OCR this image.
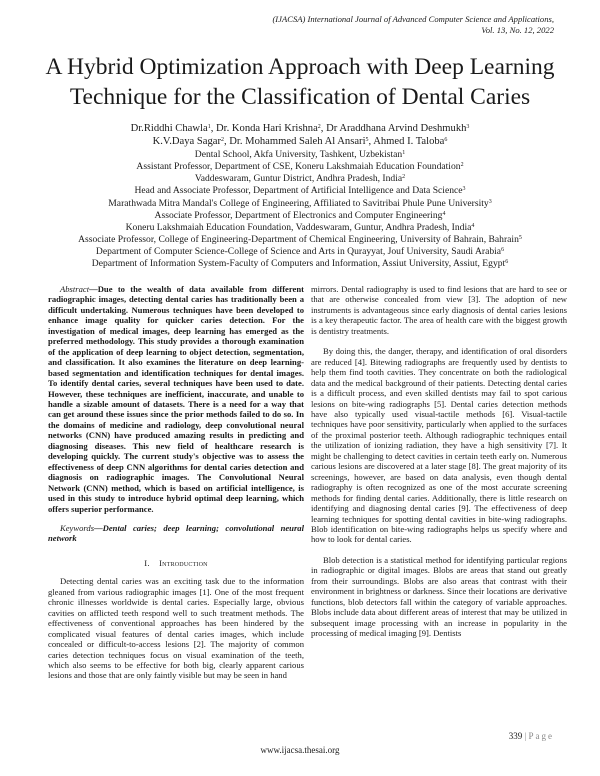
(IJACSA) International Journal of Advanced Computer Science and Applications,
Vol. 13, No. 12, 2022
A Hybrid Optimization Approach with Deep Learning
Technique for the Classification of Dental Caries
Dr.Riddhi Chawla$^1$, Dr. Konda Hari Krishna$^2$, Dr Araddhana Arvind Deshmukh$^3$
K.V.Daya Sagar$^2$, Dr. Mohammed Saleh Al Ansari$^5$, Ahmed I. Taloba$^6$
Dental School, Akfa University, Tashkent, Uzbekistan$^1$
Assistant Professor, Department of CSE, Koneru Lakshmaiah Education Foundation$^2$
Vaddeswaram, Guntur District, Andhra Pradesh, India$^2$
Head and Associate Professor, Department of Artificial Intelligence and Data Science$^3$
Marathwada Mitra Mandal's College of Engineering, Affiliated to Savitribai Phule Pune University$^3$
Associate Professor, Department of Electronics and Computer Engineering$^4$
Koneru Lakshmaiah Education Foundation, Vaddeswaram, Guntur, Andhra Pradesh, India$^4$
Associate Professor, College of Engineering-Department of Chemical Engineering, University of Bahrain, Bahrain$^5$
Department of Computer Science-College of Science and Arts in Qurayyat, Jouf University, Saudi Arabia$^6$
Department of Information System-Faculty of Computers and Information, Assiut University, Assiut, Egypt$^6$

Abstract—Due to the wealth of data available from different radiographic images, detecting dental caries has traditionally been a difficult undertaking. Numerous techniques have been developed to enhance image quality for quicker caries detection. For the investigation of medical images, deep learning has emerged as the preferred methodology. This study provides a thorough examination of the application of deep learning to object detection, segmentation, and classification. It also examines the literature on deep learning-based segmentation and identification techniques for dental images. To identify dental caries, several techniques have been used to date. However, these techniques are inefficient, inaccurate, and unable to handle a sizable amount of datasets. There is a need for a way that can get around these issues since the prior methods failed to do so. In the domains of medicine and radiology, deep convolutional neural networks (CNN) have produced amazing results in predicting and diagnosing diseases. This new field of healthcare research is developing quickly. The current study's objective was to assess the effectiveness of deep CNN algorithms for dental caries detection and diagnosis on radiographic images. The Convolutional Neural Network (CNN) method, which is based on artificial intelligence, is used in this study to introduce hybrid optimal deep learning, which offers superior performance.

Keywords—Dental caries; deep learning; convolutional neural network

I. Introduction

Detecting dental caries was an exciting task due to the information gleaned from various radiographic images [1]. One of the most frequent chronic illnesses worldwide is dental caries. Especially large, obvious cavities on afflicted teeth respond well to such treatment methods. The effectiveness of conventional approaches has been hindered by the complicated visual features of dental caries images, which include concealed or difficult-to-access lesions [2]. The majority of common caries detection techniques focus on visual examination of the teeth, which also seems to be effective for both big, clearly apparent carious lesions and those that are only faintly visible but may be seen in hand

mirrors. Dental radiography is used to find lesions that are hard to see or that are otherwise concealed from view [3]. The adoption of new instruments is advantageous since early diagnosis of dental caries lesions is a key therapeutic factor. The area of health care with the biggest growth is dentistry treatments.

By doing this, the danger, therapy, and identification of oral disorders are reduced [4]. Bitewing radiographs are frequently used by dentists to help them find tooth cavities. They concentrate on both the radiological data and the medical background of their patients. Detecting dental caries is a difficult process, and even skilled dentists may fail to spot carious lesions on bite-wing radiographs [5]. Dental caries detection methods have also typically used visual-tactile methods [6]. Visual-tactile techniques have poor sensitivity, particularly when applied to the surfaces of the proximal posterior teeth. Although radiographic techniques entail the utilization of ionizing radiation, they have a high sensitivity [7]. It might be challenging to detect cavities in certain teeth early on. Numerous carious lesions are discovered at a later stage [8]. The great majority of its screenings, however, are based on data analysis, even though dental radiography is often recognized as one of the most accurate screening methods for finding dental caries. Additionally, there is little research on identifying and diagnosing dental caries [9]. The effectiveness of deep learning techniques for spotting dental cavities in bite-wing radiographs. Blob identification on bite-wing radiographs helps us specify where and how to look for dental caries.

Blob detection is a statistical method for identifying particular regions in radiographic or digital images. Blobs are areas that stand out greatly from their surroundings. Blobs are also areas that contrast with their environment in brightness or darkness. Since their locations are derivative functions, blob detectors fall within the category of variable approaches. Blobs include data about different areas of interest that may be utilized in subsequent image processing with an increase in popularity in the processing of medical imaging [9]. Dentists

339 | Page
www.ijacsa.thesai.org
